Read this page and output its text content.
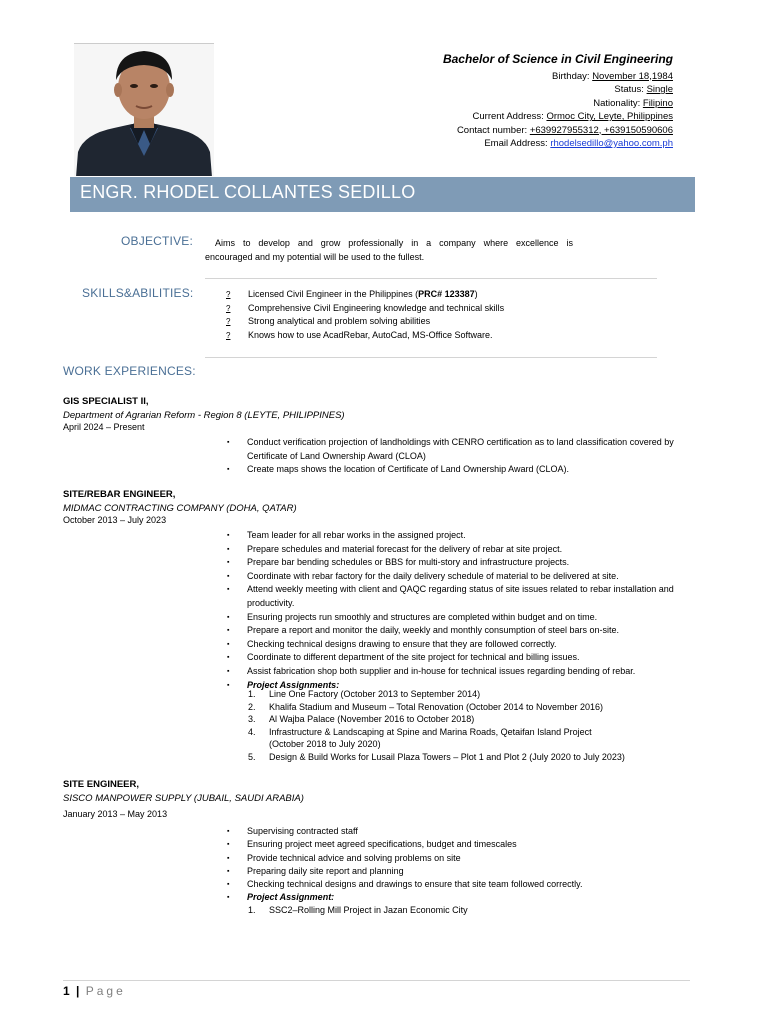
Bachelor of Science in Civil Engineering
Birthday: November 18,1984
Status: Single
Nationality: Filipino
Current Address: Ormoc City, Leyte, Philippines
Contact number: +639927955312, +639150590606
Email Address: rhodelsedillo@yahoo.com.ph
ENGR. RHODEL COLLANTES SEDILLO
OBJECTIVE:	Aims to develop and grow professionally in a company where excellence is
encouraged and my potential will be used to the fullest.
SKILLS&ABILITIES:
?	Licensed Civil Engineer in the Philippines (PRC# 123387)
? Comprehensive Civil Engineering knowledge and technical skills
? Strong analytical and problem solving abilities
? Knows how to use AcadRebar, AutoCad, MS-Office Software.
WORK EXPERIENCES:
GIS SPECIALIST II,
Department of Agrarian Reform - Region 8 (LEYTE, PHILIPPINES)
April 2024 – Present
▪ Conduct verification projection of landholdings with CENRO certification as to land classification covered by Certificate of Land Ownership Award (CLOA)
▪ Create maps shows the location of Certificate of Land Ownership Award (CLOA).
SITE/REBAR ENGINEER,
MIDMAC CONTRACTING COMPANY (DOHA, QATAR)
October 2013 – July 2023
▪ Team leader for all rebar works in the assigned project.
▪ Prepare schedules and material forecast for the delivery of rebar at site project.
▪ Prepare bar bending schedules or BBS for multi-story and infrastructure projects.
▪ Coordinate with rebar factory for the daily delivery schedule of material to be delivered at site.
▪ Attend weekly meeting with client and QAQC regarding status of site issues related to rebar installation and productivity.
▪ Ensuring projects run smoothly and structures are completed within budget and on time.
▪ Prepare a report and monitor the daily, weekly and monthly consumption of steel bars on-site.
▪ Checking technical designs drawing to ensure that they are followed correctly.
▪ Coordinate to different department of the site project for technical and billing issues.
▪ Assist fabrication shop both supplier and in-house for technical issues regarding bending of rebar.
▪ Project Assignments:
1. Line One Factory (October 2013 to September 2014)
2. Khalifa Stadium and Museum – Total Renovation (October 2014 to November 2016)
3. Al Wajba Palace (November 2016 to October 2018)
4. Infrastructure & Landscaping at Spine and Marina Roads, Qetaifan Island Project (October 2018 to July 2020)
5. Design & Build Works for Lusail Plaza Towers – Plot 1 and Plot 2 (July 2020 to July 2023)
SITE ENGINEER,
SISCO MANPOWER SUPPLY (JUBAIL, SAUDI ARABIA)
January 2013 – May 2013
▪ Supervising contracted staff
▪ Ensuring project meet agreed specifications, budget and timescales
▪ Provide technical advice and solving problems on site
▪ Preparing daily site report and planning
▪ Checking technical designs and drawings to ensure that site team followed correctly.
▪ Project Assignment:
1. SSC2–Rolling Mill Project in Jazan Economic City
1 | Page
